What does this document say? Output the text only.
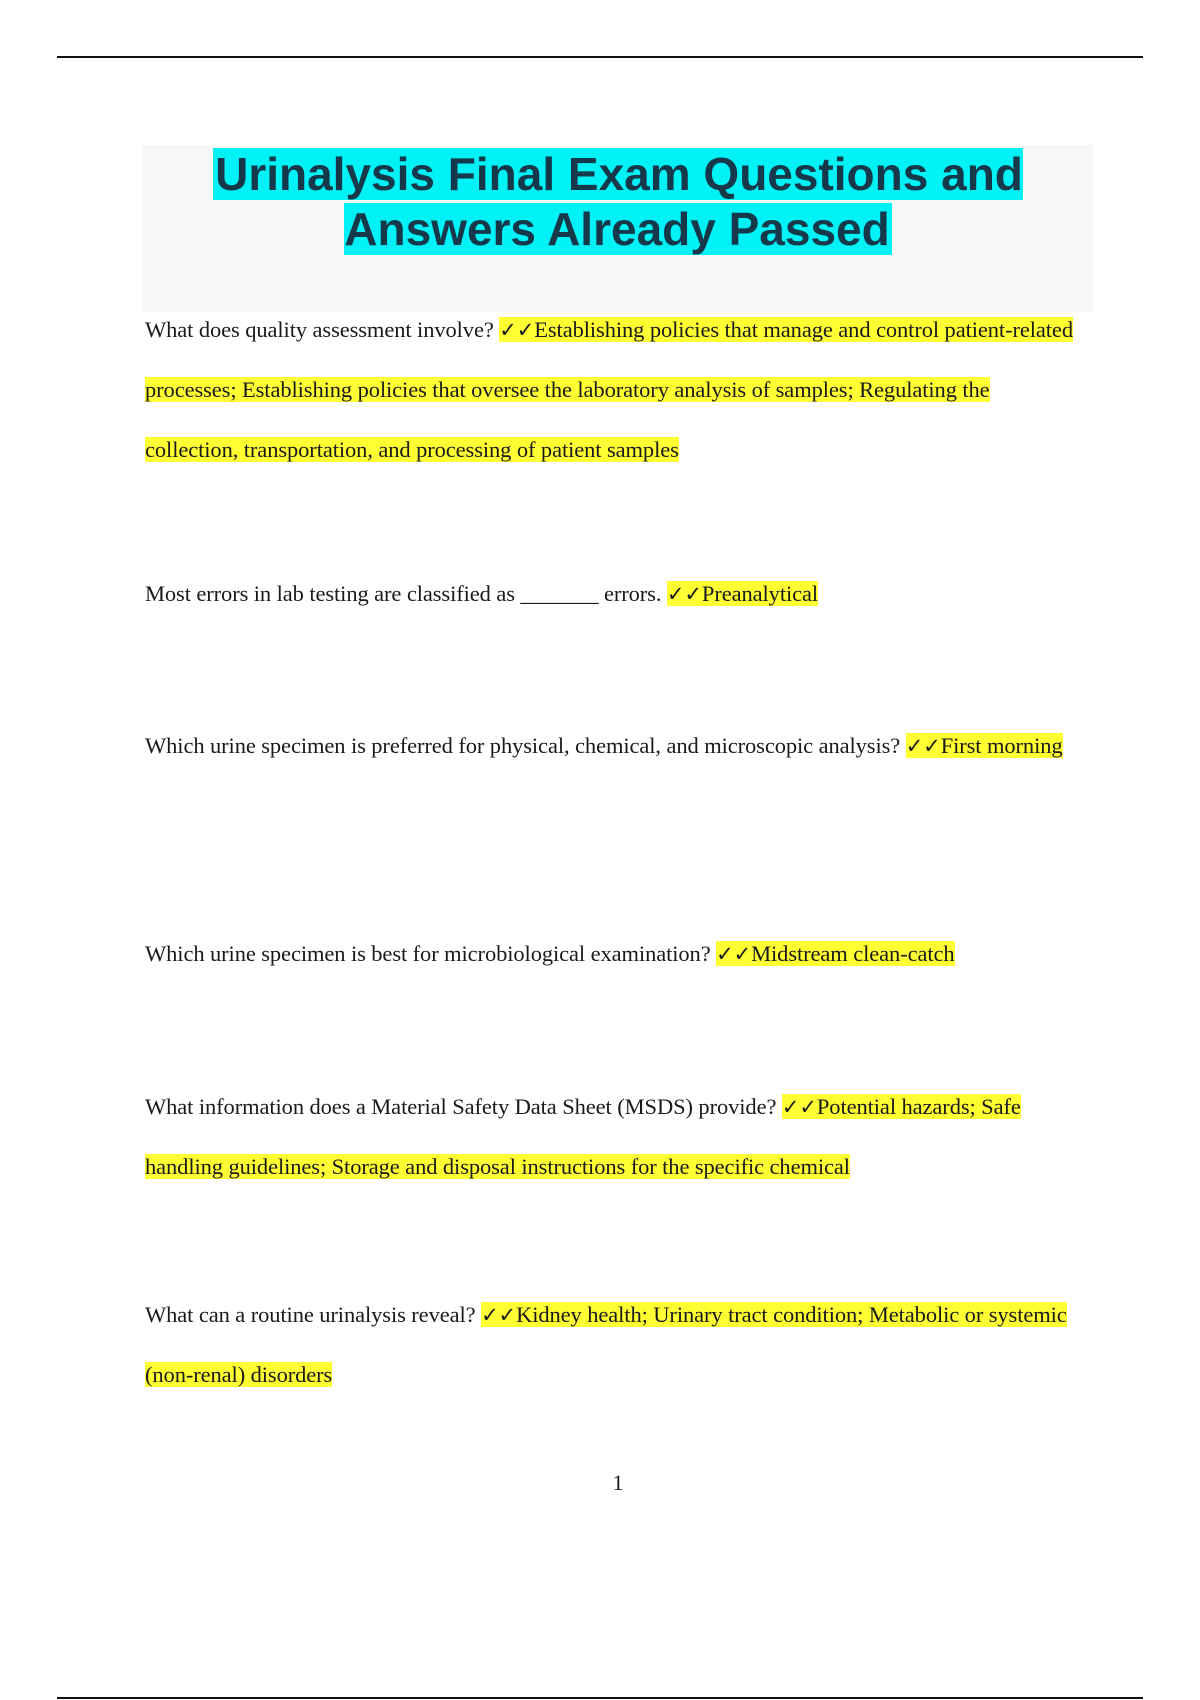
Urinalysis Final Exam Questions and Answers Already Passed

What does quality assessment involve? ✓✓Establishing policies that manage and control patient-related processes; Establishing policies that oversee the laboratory analysis of samples; Regulating the collection, transportation, and processing of patient samples

Most errors in lab testing are classified as _______ errors. ✓✓Preanalytical

Which urine specimen is preferred for physical, chemical, and microscopic analysis? ✓✓First morning

Which urine specimen is best for microbiological examination? ✓✓Midstream clean-catch

What information does a Material Safety Data Sheet (MSDS) provide? ✓✓Potential hazards; Safe handling guidelines; Storage and disposal instructions for the specific chemical

What can a routine urinalysis reveal? ✓✓Kidney health; Urinary tract condition; Metabolic or systemic (non-renal) disorders

1
